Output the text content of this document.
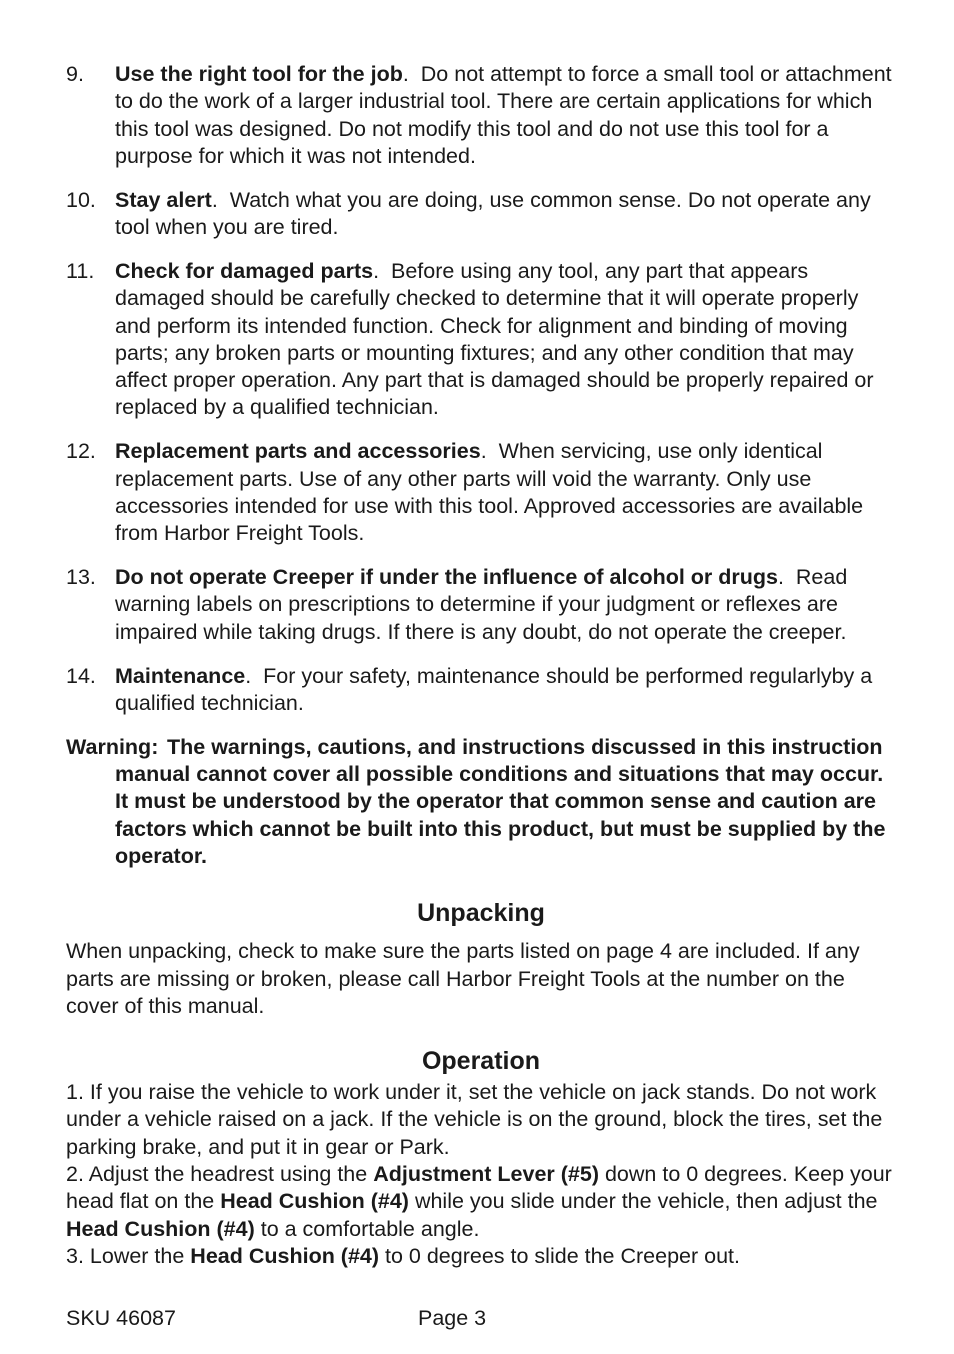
9.	Use the right tool for the job.  Do not attempt to force a small tool or attachment to do the work of a larger industrial tool. There are certain applications for which this tool was designed. Do not modify this tool and do not use this tool for a purpose for which it was not intended.
10. Stay alert.  Watch what you are doing, use common sense. Do not operate any tool when you are tired.
11. Check for damaged parts.  Before using any tool, any part that appears damaged should be carefully checked to determine that it will operate properly and perform its intended function. Check for alignment and binding of moving parts; any broken parts or mounting fixtures; and any other condition that may affect proper operation. Any part that is damaged should be properly repaired or replaced by a qualified technician.
12. Replacement parts and accessories.  When servicing, use only identical replacement parts. Use of any other parts will void the warranty. Only use accessories intended for use with this tool. Approved accessories are available from Harbor Freight Tools.
13. Do not operate Creeper if under the influence of alcohol or drugs.  Read warning labels on prescriptions to determine if your judgment or reflexes are impaired while taking drugs. If there is any doubt, do not operate the creeper.
14. Maintenance.  For your safety, maintenance should be performed regularlyby a qualified technician.
Warning: The warnings, cautions, and instructions discussed in this instruction manual cannot cover all possible conditions and situations that may occur. It must be understood by the operator that common sense and caution are factors which cannot be built into this product, but must be supplied by the operator.
Unpacking

When unpacking, check to make sure the parts listed on page 4 are included. If any parts are missing or broken, please call Harbor Freight Tools at the number on the cover of this manual.

Operation

1. If you raise the vehicle to work under it, set the vehicle on jack stands. Do not work under a vehicle raised on a jack. If the vehicle is on the ground, block the tires, set the parking brake, and put it in gear or Park.

2. Adjust the headrest using the Adjustment Lever (#5) down to 0 degrees. Keep your head flat on the Head Cushion (#4) while you slide under the vehicle, then adjust the Head Cushion (#4) to a comfortable angle.

3. Lower the Head Cushion (#4) to 0 degrees to slide the Creeper out.

SKU 46087	Page 3
